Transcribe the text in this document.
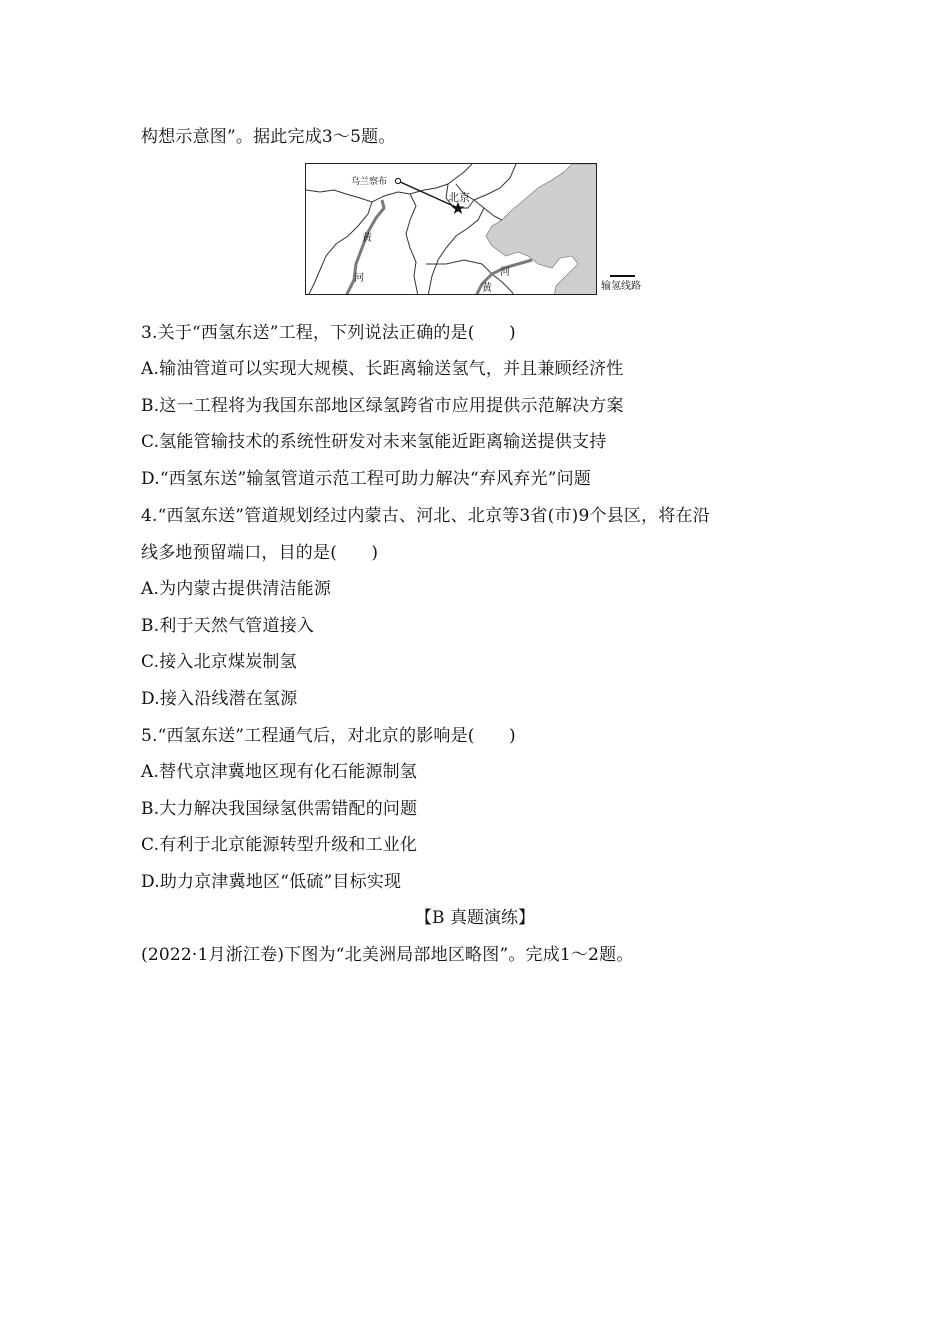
构想示意图”。据此完成3～5题。
乌兰察布
北京
黄
河
河
黄	输氢线路
3.关于“西氢东送”工程，下列说法正确的是(　　)
A.输油管道可以实现大规模、长距离输送氢气，并且兼顾经济性
B.这一工程将为我国东部地区绿氢跨省市应用提供示范解决方案
C.氢能管输技术的系统性研发对未来氢能近距离输送提供支持
D.“西氢东送”输氢管道示范工程可助力解决“弃风弃光”问题
4.“西氢东送”管道规划经过内蒙古、河北、北京等3省(市)9个县区，将在沿
线多地预留端口，目的是(　　)
A.为内蒙古提供清洁能源
B.利于天然气管道接入
C.接入北京煤炭制氢
D.接入沿线潜在氢源
5.“西氢东送”工程通气后，对北京的影响是(　　)
A.替代京津冀地区现有化石能源制氢
B.大力解决我国绿氢供需错配的问题
C.有利于北京能源转型升级和工业化
D.助力京津冀地区“低硫”目标实现
【B 真题演练】
(2022·1月浙江卷)下图为“北美洲局部地区略图”。完成1～2题。
